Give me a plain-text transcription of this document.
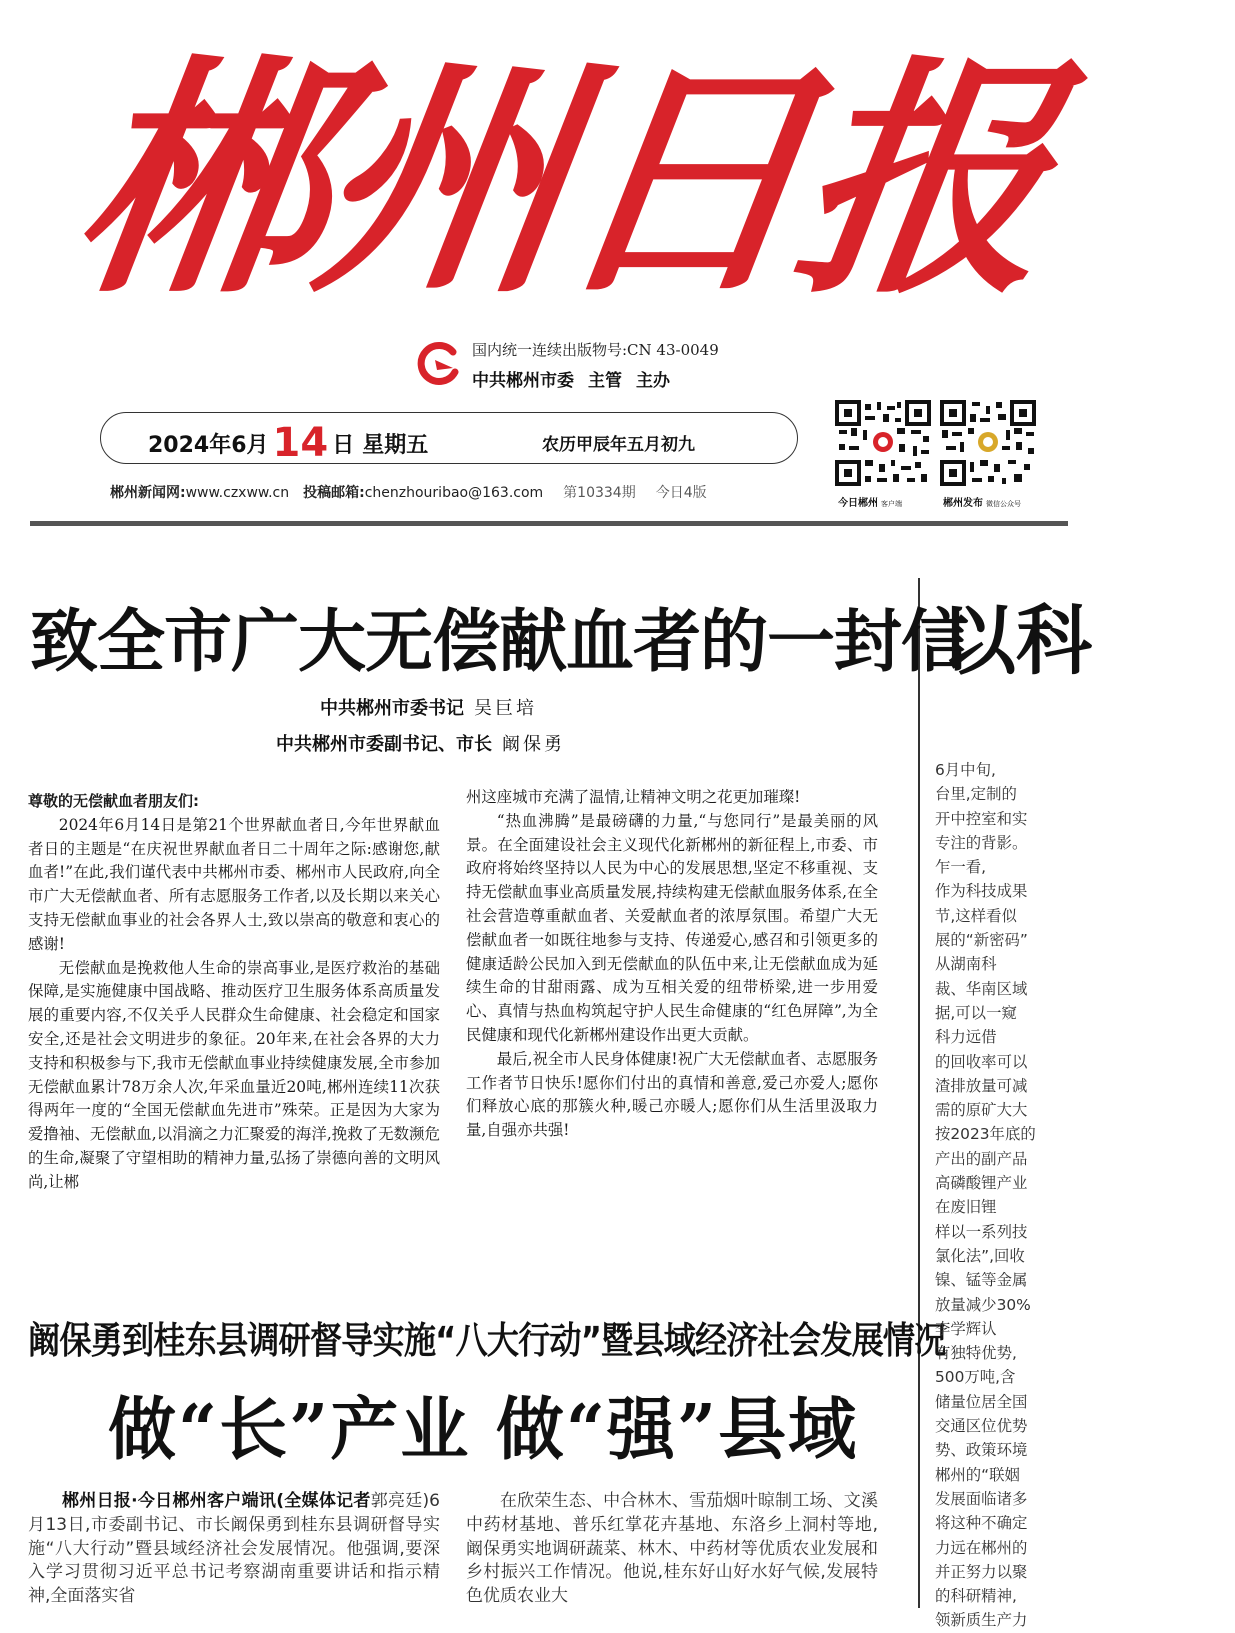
郴州日报
国内统一连续出版物号:CN 43-0049
中共郴州市委 主管 主办
2024年6月 14 日 星期五	农历甲辰年五月初九
郴州新闻网:www.czxww.cn 投稿邮箱:chenzhouribao@163.com 第10334期 今日4版
今日郴州 客户端	郴州发布 微信公众号
致全市广大无偿献血者的一封信
中共郴州市委书记 吴巨培
中共郴州市委副书记、市长 阚保勇
尊敬的无偿献血者朋友们:

2024年6月14日是第21个世界献血者日,今年世界献血者日的主题是“在庆祝世界献血者日二十周年之际:感谢您,献血者!”在此,我们谨代表中共郴州市委、郴州市人民政府,向全市广大无偿献血者、所有志愿服务工作者,以及长期以来关心支持无偿献血事业的社会各界人士,致以崇高的敬意和衷心的感谢!

无偿献血是挽救他人生命的崇高事业,是医疗救治的基础保障,是实施健康中国战略、推动医疗卫生服务体系高质量发展的重要内容,不仅关乎人民群众生命健康、社会稳定和国家安全,还是社会文明进步的象征。20年来,在社会各界的大力支持和积极参与下,我市无偿献血事业持续健康发展,全市参加无偿献血累计78万余人次,年采血量近20吨,郴州连续11次获得两年一度的“全国无偿献血先进市”殊荣。正是因为大家为爱撸袖、无偿献血,以涓滴之力汇聚爱的海洋,挽救了无数濒危的生命,凝聚了守望相助的精神力量,弘扬了崇德向善的文明风尚,让郴

州这座城市充满了温情,让精神文明之花更加璀璨!

“热血沸腾”是最磅礴的力量,“与您同行”是最美丽的风景。在全面建设社会主义现代化新郴州的新征程上,市委、市政府将始终坚持以人民为中心的发展思想,坚定不移重视、支持无偿献血事业高质量发展,持续构建无偿献血服务体系,在全社会营造尊重献血者、关爱献血者的浓厚氛围。希望广大无偿献血者一如既往地参与支持、传递爱心,感召和引领更多的健康适龄公民加入到无偿献血的队伍中来,让无偿献血成为延续生命的甘甜雨露、成为互相关爱的纽带桥梁,进一步用爱心、真情与热血构筑起守护人民生命健康的“红色屏障”,为全民健康和现代化新郴州建设作出更大贡献。

最后,祝全市人民身体健康!祝广大无偿献血者、志愿服务工作者节日快乐!愿你们付出的真情和善意,爱己亦爱人;愿你们释放心底的那簇火种,暖己亦暖人;愿你们从生活里汲取力量,自强亦共强!

阚保勇到桂东县调研督导实施“八大行动”暨县域经济社会发展情况
做“长”产业 做“强”县域

郴州日报·今日郴州客户端讯(全媒体记者郭亮廷)6月13日,市委副书记、市长阚保勇到桂东县调研督导实施“八大行动”暨县域经济社会发展情况。他强调,要深入学习贯彻习近平总书记考察湖南重要讲话和指示精神,全面落实省

在欣荣生态、中合林木、雪茄烟叶晾制工场、文溪中药材基地、普乐红掌花卉基地、东洛乡上洞村等地,阚保勇实地调研蔬菜、林木、中药材等优质农业发展和乡村振兴工作情况。他说,桂东好山好水好气候,发展特色优质农业大

以科
6月中旬,
台里,定制的
开中控室和实
专注的背影。
乍一看,
作为科技成果
节,这样看似
展的“新密码”
从湖南科
裁、华南区域
据,可以一窥
科力远借
的回收率可以
渣排放量可减
需的原矿大大
按2023年底的
产出的副产品
高磷酸锂产业
在废旧锂
样以一系列技
氯化法”,回收
镍、锰等金属
放量减少30%
李学辉认
有独特优势,
500万吨,含
储量位居全国
交通区位优势
势、政策环境
郴州的“联姻
发展面临诸多
将这种不确定
力远在郴州的
并正努力以聚
的科研精神,
领新质生产力
